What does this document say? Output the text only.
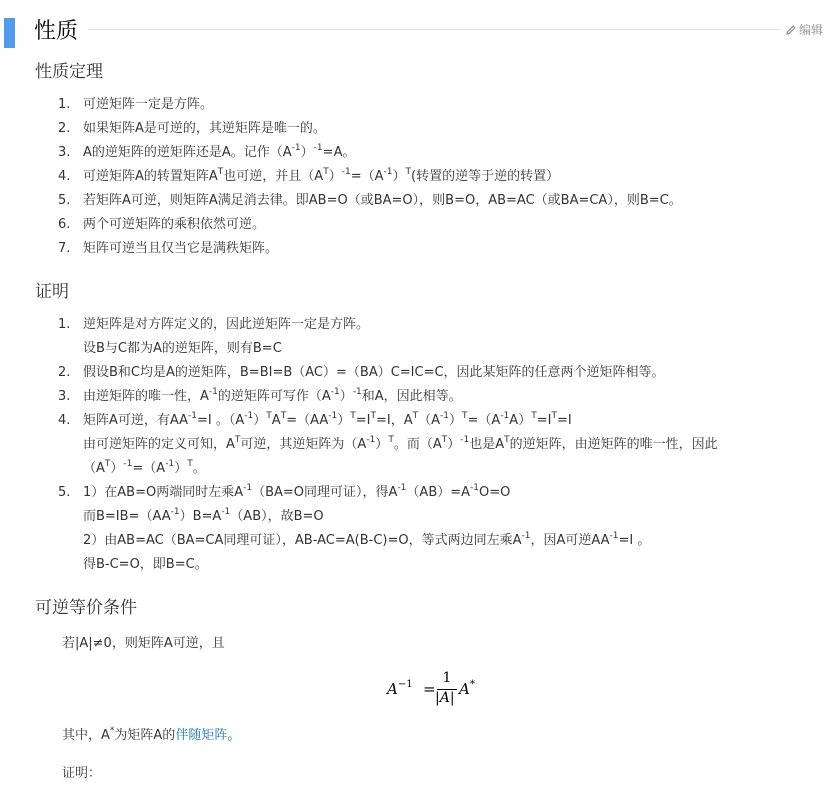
性质	编辑
性质定理
1. 可逆矩阵一定是方阵。
2. 如果矩阵A是可逆的，其逆矩阵是唯一的。
3. A的逆矩阵的逆矩阵还是A。记作$(A^{-1})^{-1}=A$。
4. 可逆矩阵A的转置矩阵$A^T$也可逆，并且$(A^T)^{-1}=(A^{-1})^T$(转置的逆等于逆的转置）
5. 若矩阵A可逆，则矩阵A满足消去律。即AB=O（或BA=O），则B=O，AB=AC（或BA=CA），则B=C。
6. 两个可逆矩阵的乘积依然可逆。
7. 矩阵可逆当且仅当它是满秩矩阵。
证明
1. 逆矩阵是对方阵定义的，因此逆矩阵一定是方阵。
设B与C都为A的逆矩阵，则有B=C
2. 假设B和C均是A的逆矩阵，B=BI=B（AC）=（BA）C=IC=C，因此某矩阵的任意两个逆矩阵相等。
3. 由逆矩阵的唯一性，$A^{-1}$的逆矩阵可写作$(A^{-1})^{-1}$和A，因此相等。
4. 矩阵A可逆，有$AA^{-1}=I$ 。$(A^{-1})^TA^T=(AA^{-1})^T=I^T=I$，$A^T(A^{-1})^T=(A^{-1}A)^T=I^T=I$
由可逆矩阵的定义可知，$A^T$可逆，其逆矩阵为$(A^{-1})^T$。而$(A^T)^{-1}$也是$A^T$的逆矩阵，由逆矩阵的唯一性，因此
$(A^T)^{-1}=(A^{-1})^T$。
5. 1）在AB=O两端同时左乘$A^{-1}(BA=O$同理可证），得$A^{-1}(AB)=A^{-1}O=O$
而$B=IB=(AA^{-1})B=A^{-1}(AB)$，故B=O
2）由AB=AC（BA=CA同理可证），AB-AC=A(B-C)=O，等式两边同左乘$A^{-1}$，因A可逆$AA^{-1}=I$ 。
得B-C=O，即B=C。
可逆等价条件
若|A|≠0，则矩阵A可逆，且
$A^{-1}$ =
1
|A| A*
其中，A*为矩阵A的伴随矩阵。
证明：
